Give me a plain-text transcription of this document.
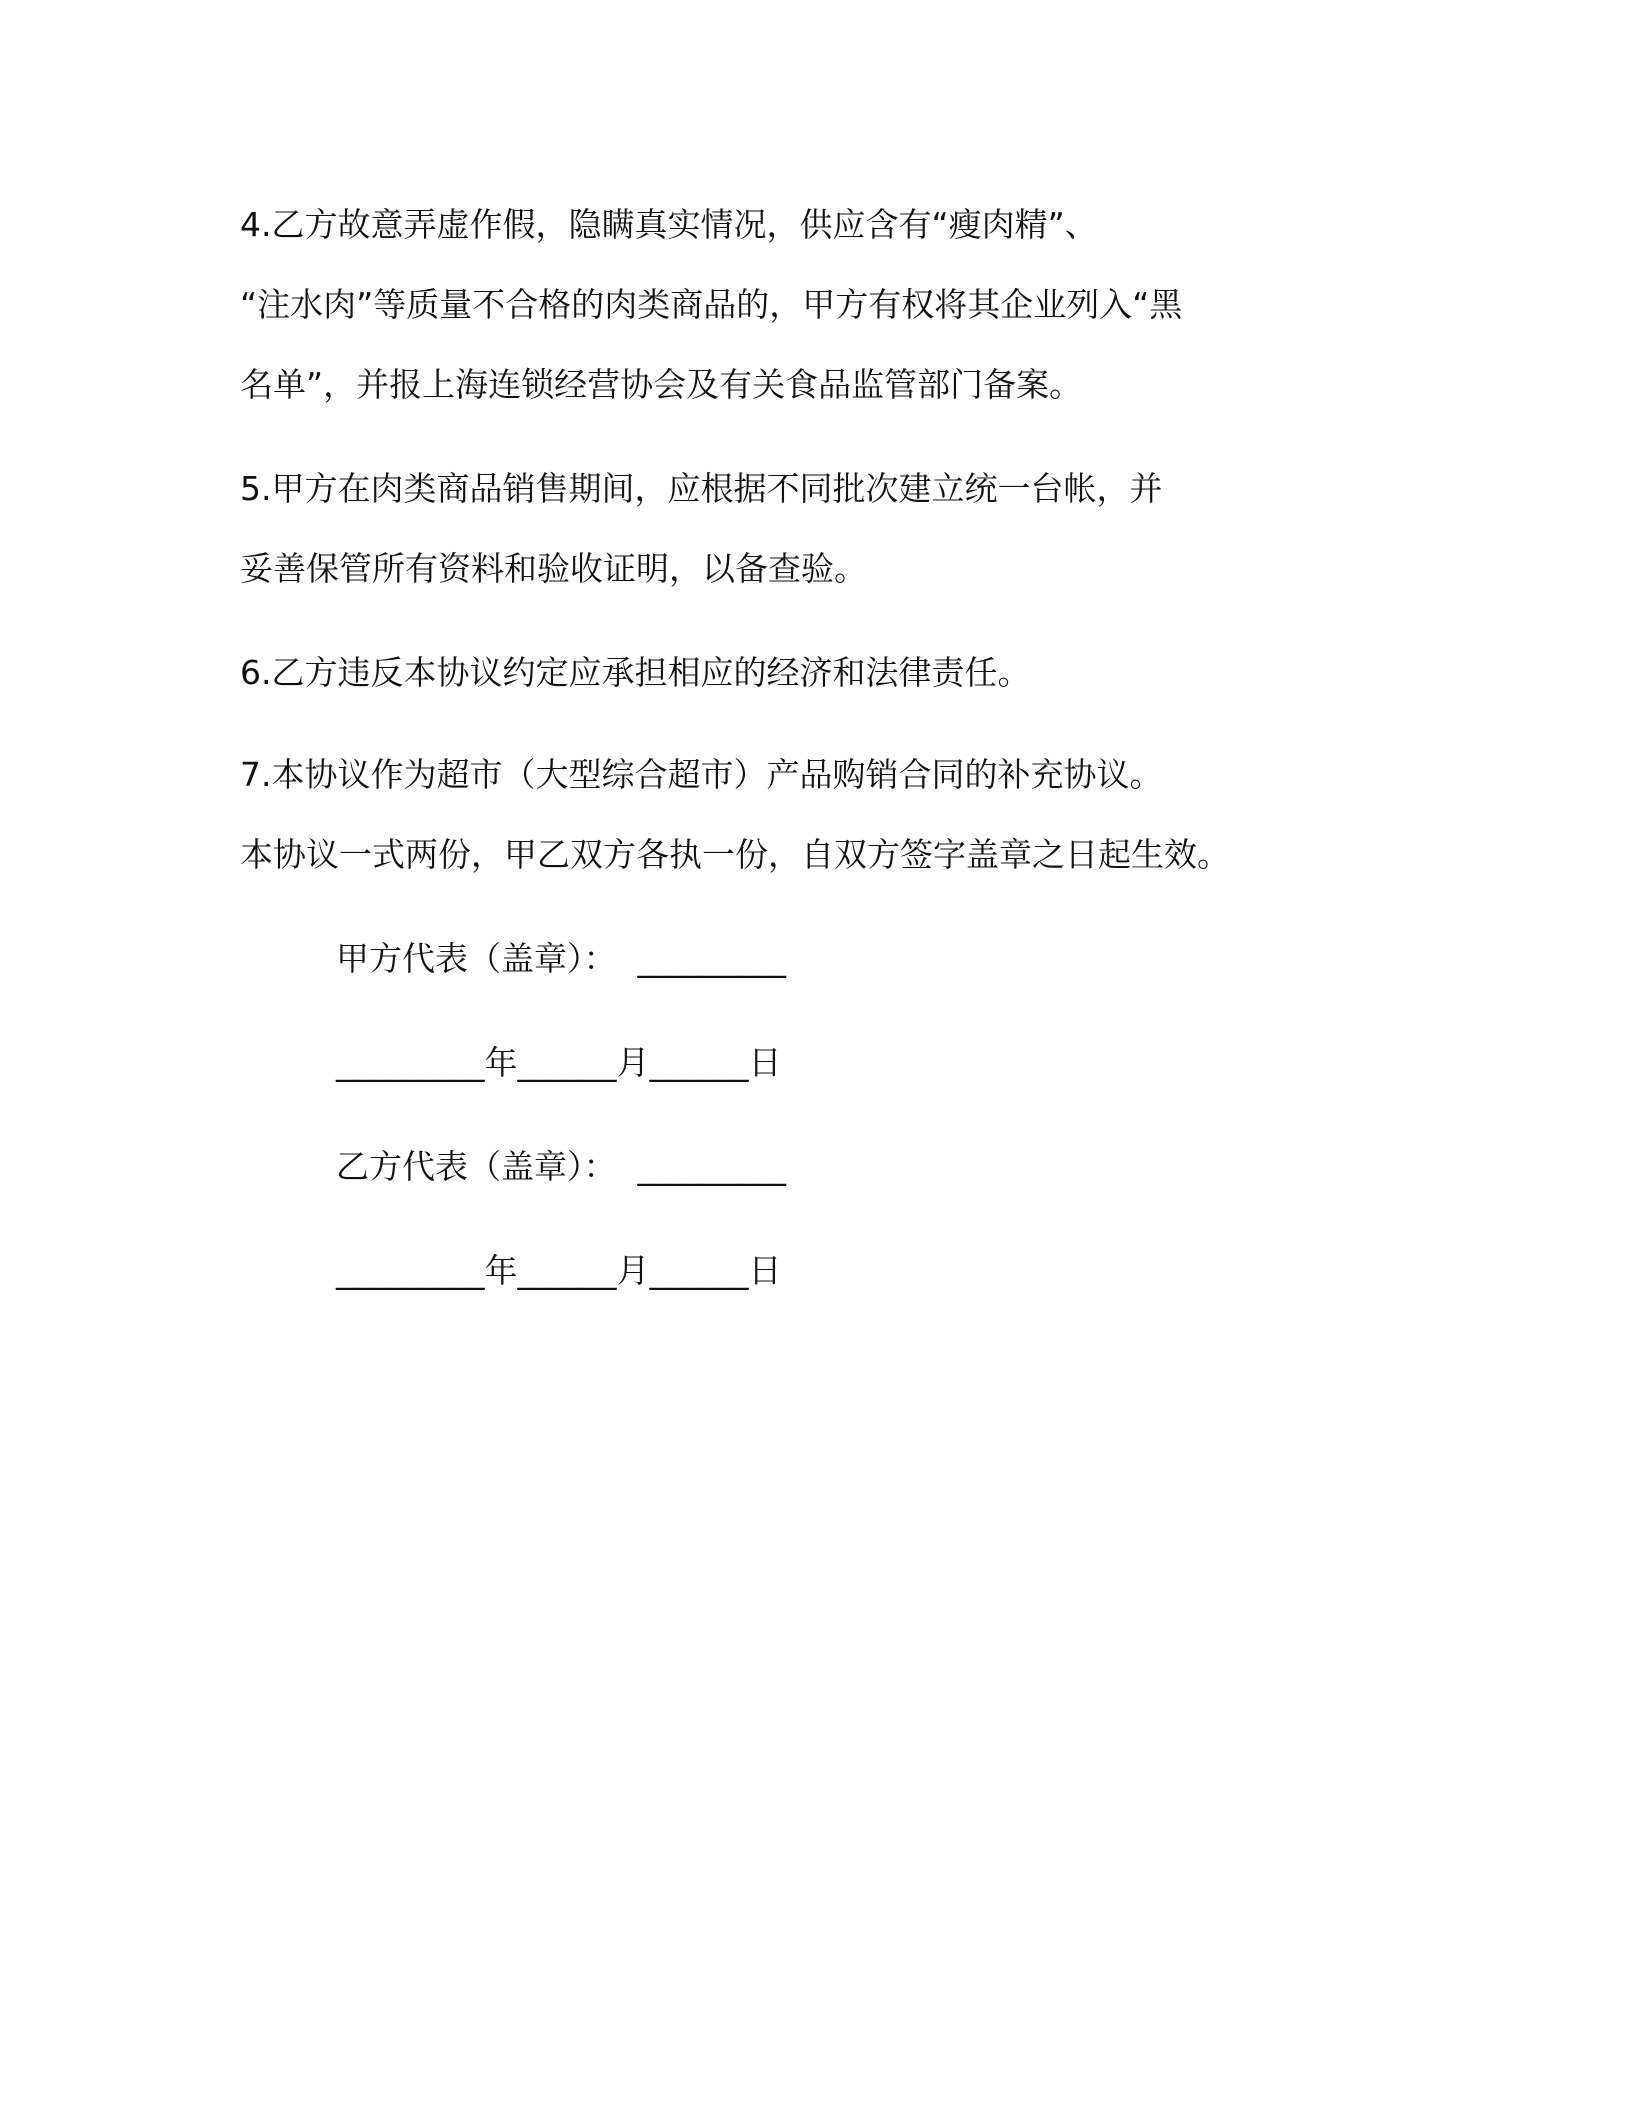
4.乙方故意弄虚作假，隐瞒真实情况，供应含有“瘦肉精”、
“注水肉”等质量不合格的肉类商品的，甲方有权将其企业列入“黑
名单”，并报上海连锁经营协会及有关食品监管部门备案。

5.甲方在肉类商品销售期间，应根据不同批次建立统一台帐，并
妥善保管所有资料和验收证明，以备查验。

6.乙方违反本协议约定应承担相应的经济和法律责任。

7.本协议作为超市（大型综合超市）产品购销合同的补充协议。
本协议一式两份，甲乙双方各执一份，自双方签字盖章之日起生效。

甲方代表（盖章）：  _________
_________年______月______日
乙方代表（盖章）：  _________
_________年______月______日
